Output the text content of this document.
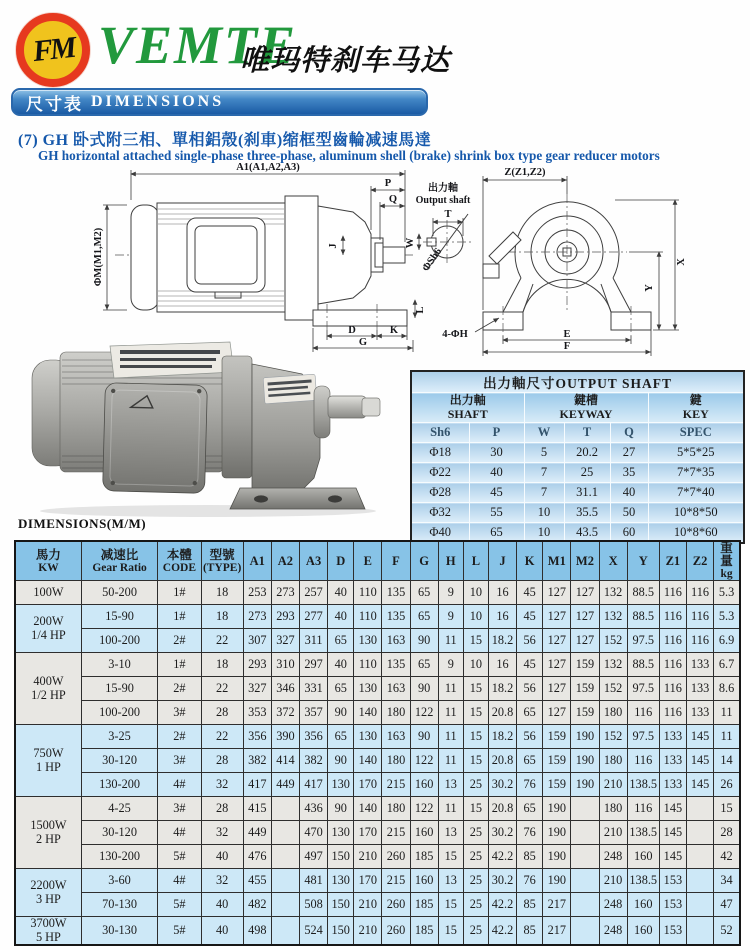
FM VEMTE
唯玛特刹车马达
尺寸表 DIMENSIONS
(7) GH 卧式附三相、單相鋁殼(刹車)缩框型齒輪减速馬達
GH horizontal attached single-phase three-phase, aluminum shell (brake) shrink box type gear reducer motors
A1(A1,A2,A3)
P
Q
ΦM(M1,M2)	J
L
D	K
G
出力軸
Output shaft
T
W
ΦSh6
Z(Z1,Z2)
X
Y
E
F
4-ΦH
出力軸尺寸OUTPUT SHAFT					

出力軸
SHAFT

鍵槽
KEYWAY

鍵
KEY

Sh6	P	W	T	Q	SPEC
Φ18	30	5	20.2	27	5*5*25
Φ22	40	7	25	35	7*7*35
Φ28	45	7	31.1	40	7*7*40
Φ32	55	10	35.5	50	10*8*50
Φ40	65	10	43.5	60	10*8*60
DIMENSIONS(M/M)
馬力
KW

减速比
Gear Ratio

本體
CODE

型號
(TYPE)

A1	A2	A3	D	E	F	G	H	L	J	K	M1	M2	X	Y	Z1	Z2

重量
kg

100W	50-200	1#	18	253	273	257	40	110	135	65	9	10	16	45	127	127	132	88.5	116	116	5.3

200W
1/4 HP	15-90	1#	18	273	293	277	40	110	135	65	9	10	16	45	127	127	132	88.5	116	116	5.3
	100-200	2#	22	307	327	311	65	130	163	90	11	15	18.2	56	127	127	152	97.5	116	116	6.9

400W
1/2 HP	3-10	1#	18	293	310	297	40	110	135	65	9	10	16	45	127	159	132	88.5	116	133	6.7
	15-90	2#	22	327	346	331	65	130	163	90	11	15	18.2	56	127	159	152	97.5	116	133	8.6
	100-200	3#	28	353	372	357	90	140	180	122	11	15	20.8	65	127	159	180	116	116	133	11

750W
1 HP	3-25	2#	22	356	390	356	65	130	163	90	11	15	18.2	56	159	190	152	97.5	133	145	11
	30-120	3#	28	382	414	382	90	140	180	122	11	15	20.8	65	159	190	180	116	133	145	14
	130-200	4#	32	417	449	417	130	170	215	160	13	25	30.2	76	159	190	210	138.5	133	145	26

1500W
2 HP	4-25	3#	28	415		436	90	140	180	122	11	15	20.8	65	190		180	116	145		15
	30-120	4#	32	449		470	130	170	215	160	13	25	30.2	76	190		210	138.5	145		28
	130-200	5#	40	476		497	150	210	260	185	15	25	42.2	85	190		248	160	145		42

2200W
3 HP	3-60	4#	32	455		481	130	170	215	160	13	25	30.2	76	190		210	138.5	153		34
	70-130	5#	40	482		508	150	210	260	185	15	25	42.2	85	217		248	160	153		47

3700W
5 HP	30-130	5#	40	498		524	150	210	260	185	15	25	42.2	85	217		248	160	153		52
